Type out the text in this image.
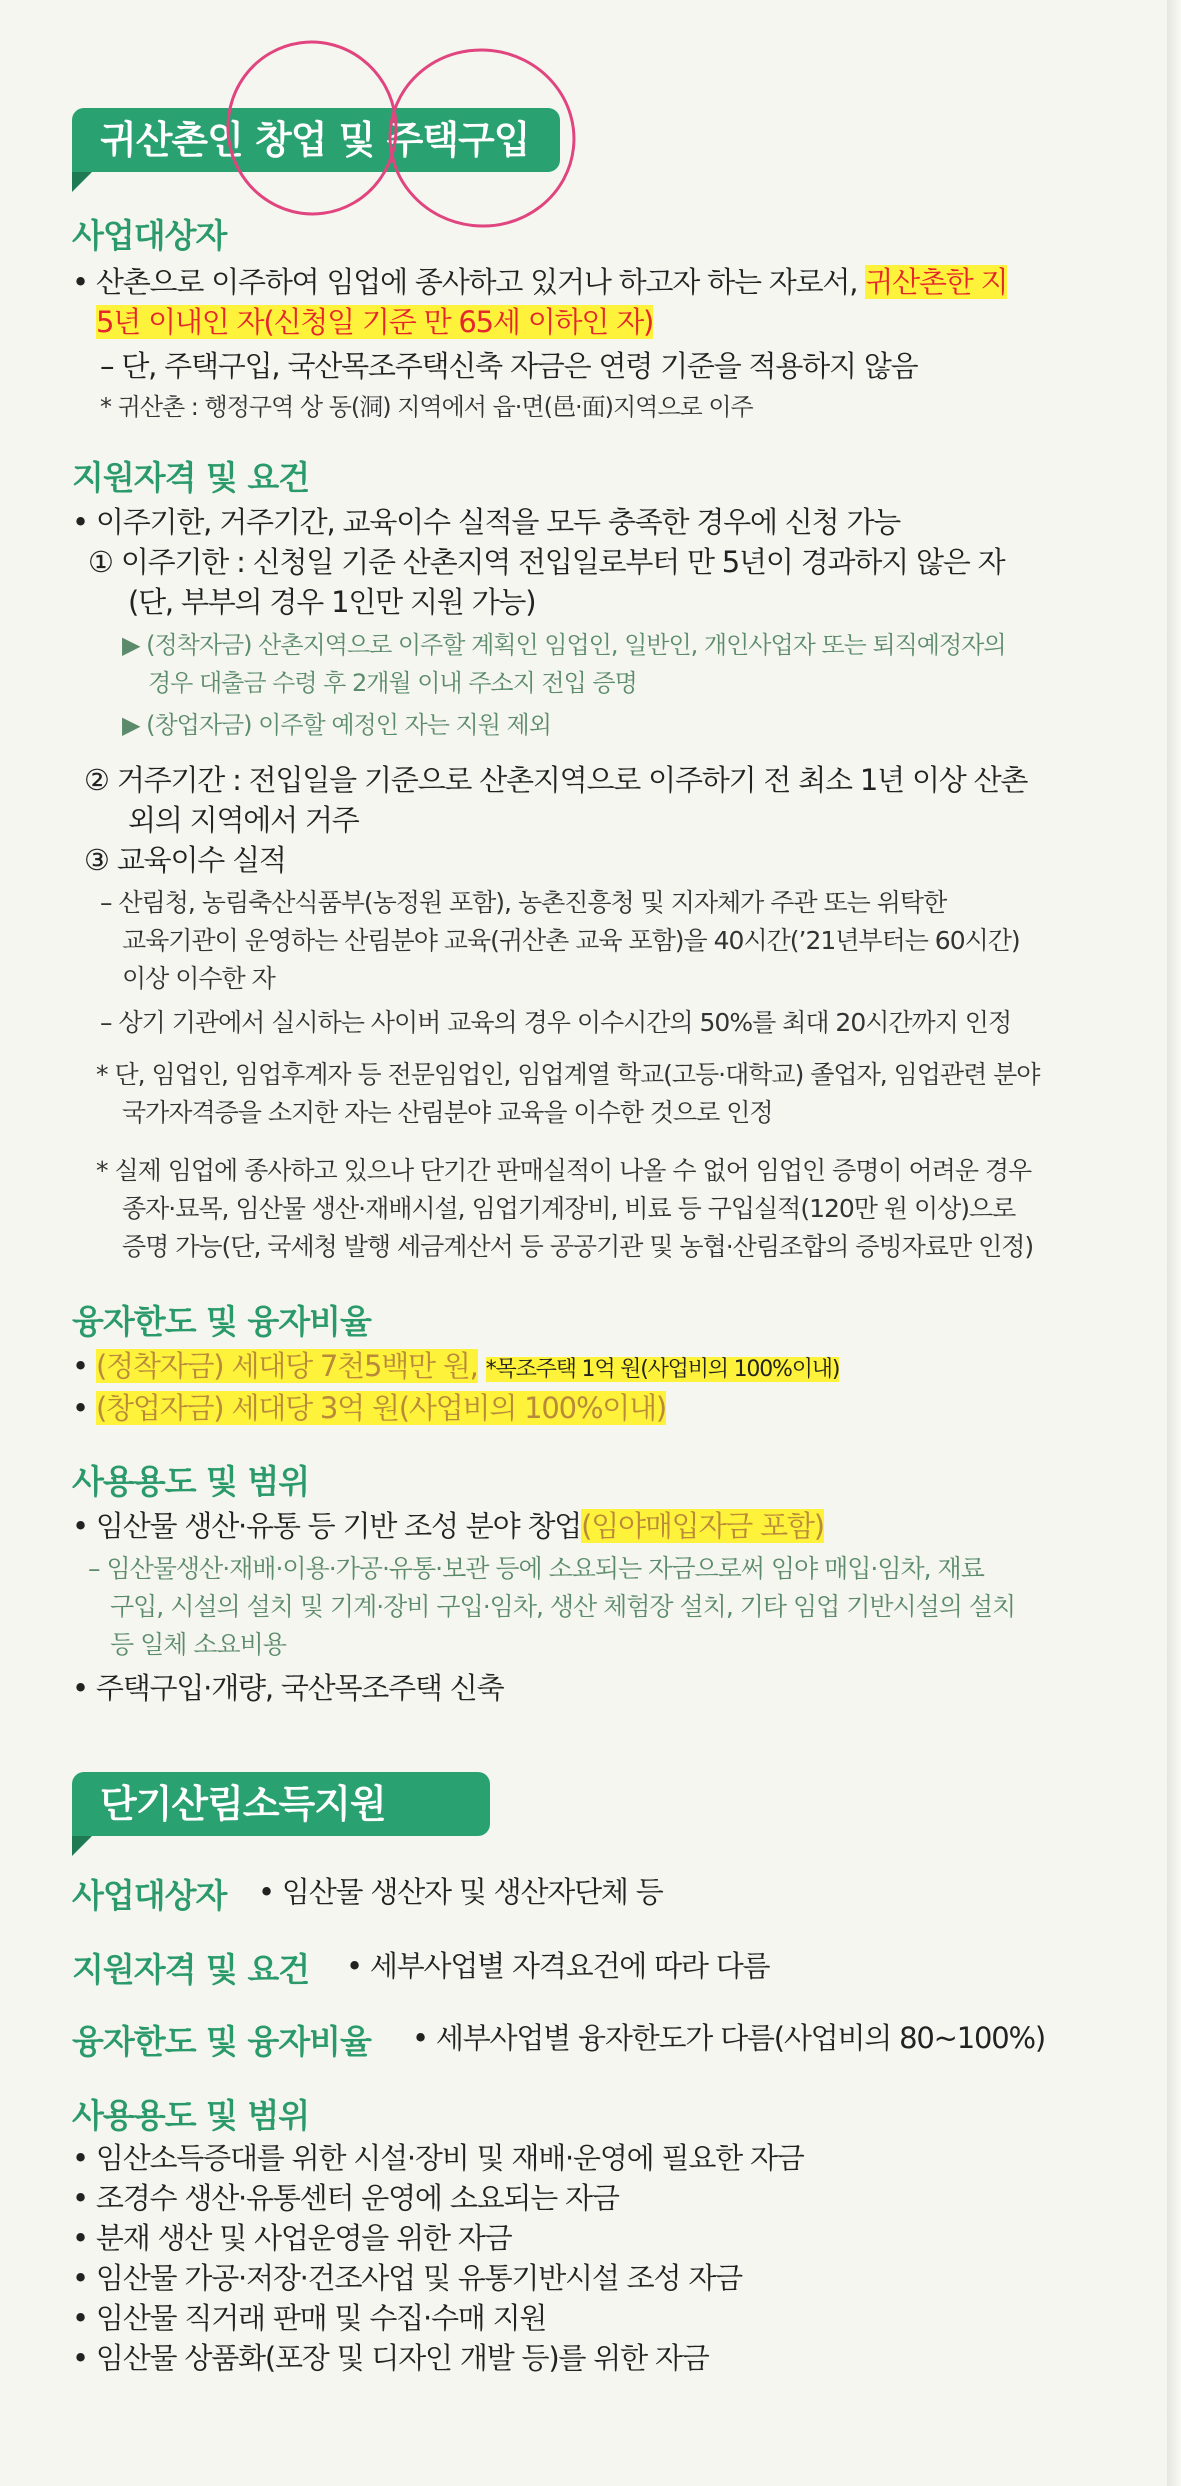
귀산촌인 창업 및 주택구입
사업대상자
• 산촌으로 이주하여 임업에 종사하고 있거나 하고자 하는 자로서, 귀산촌한 지
5년 이내인 자(신청일 기준 만 65세 이하인 자)
– 단, 주택구입, 국산목조주택신축 자금은 연령 기준을 적용하지 않음
* 귀산촌 : 행정구역 상 동(洞) 지역에서 읍·면(邑·面)지역으로 이주
지원자격 및 요건
• 이주기한, 거주기간, 교육이수 실적을 모두 충족한 경우에 신청 가능
① 이주기한 : 신청일 기준 산촌지역 전입일로부터 만 5년이 경과하지 않은 자
(단, 부부의 경우 1인만 지원 가능)
▶ (정착자금) 산촌지역으로 이주할 계획인 임업인, 일반인, 개인사업자 또는 퇴직예정자의
경우 대출금 수령 후 2개월 이내 주소지 전입 증명
▶ (창업자금) 이주할 예정인 자는 지원 제외
② 거주기간 : 전입일을 기준으로 산촌지역으로 이주하기 전 최소 1년 이상 산촌
외의 지역에서 거주
③ 교육이수 실적
– 산림청, 농림축산식품부(농정원 포함), 농촌진흥청 및 지자체가 주관 또는 위탁한
교육기관이 운영하는 산림분야 교육(귀산촌 교육 포함)을 40시간(’21년부터는 60시간)
이상 이수한 자
– 상기 기관에서 실시하는 사이버 교육의 경우 이수시간의 50%를 최대 20시간까지 인정
* 단, 임업인, 임업후계자 등 전문임업인, 임업계열 학교(고등·대학교) 졸업자, 임업관련 분야
국가자격증을 소지한 자는 산림분야 교육을 이수한 것으로 인정
* 실제 임업에 종사하고 있으나 단기간 판매실적이 나올 수 없어 임업인 증명이 어려운 경우
종자·묘목, 임산물 생산·재배시설, 임업기계장비, 비료 등 구입실적(120만 원 이상)으로
증명 가능(단, 국세청 발행 세금계산서 등 공공기관 및 농협·산림조합의 증빙자료만 인정)
융자한도 및 융자비율
• (정착자금) 세대당 7천5백만 원, *목조주택 1억 원(사업비의 100%이내)
• (창업자금) 세대당 3억 원(사업비의 100%이내)
사용용도 및 범위
• 임산물 생산·유통 등 기반 조성 분야 창업(임야매입자금 포함)
– 임산물생산·재배·이용·가공·유통·보관 등에 소요되는 자금으로써 임야 매입·임차, 재료
구입, 시설의 설치 및 기계·장비 구입·임차, 생산 체험장 설치, 기타 임업 기반시설의 설치
등 일체 소요비용
• 주택구입·개량, 국산목조주택 신축
단기산림소득지원
사업대상자 • 임산물 생산자 및 생산자단체 등
지원자격 및 요건 • 세부사업별 자격요건에 따라 다름
융자한도 및 융자비율 • 세부사업별 융자한도가 다름(사업비의 80~100%)
사용용도 및 범위
• 임산소득증대를 위한 시설·장비 및 재배·운영에 필요한 자금
• 조경수 생산·유통센터 운영에 소요되는 자금
• 분재 생산 및 사업운영을 위한 자금
• 임산물 가공·저장·건조사업 및 유통기반시설 조성 자금
• 임산물 직거래 판매 및 수집·수매 지원
• 임산물 상품화(포장 및 디자인 개발 등)를 위한 자금
